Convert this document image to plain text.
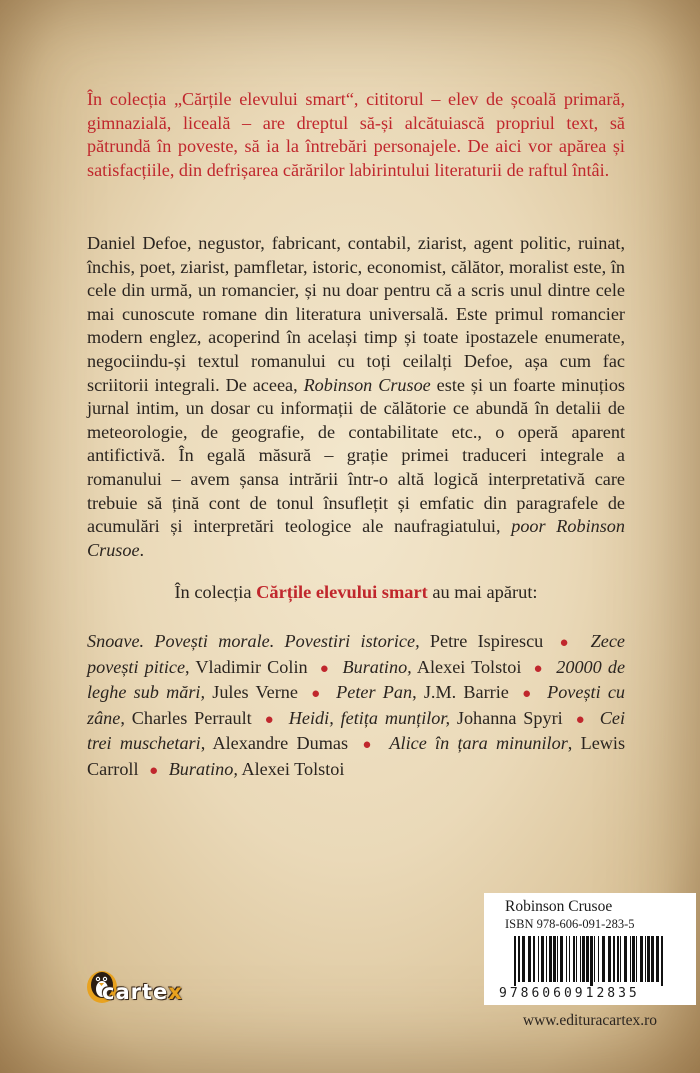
În colecția „Cărțile elevului smart“, cititorul – elev de școală primară, gimnazială, liceală – are dreptul să-și alcătuiască propriul text, să pătrundă în poveste, să ia la întrebări personajele. De aici vor apărea și satisfacțiile, din defrișarea cărărilor labirintului literaturii de raftul întâi.

Daniel Defoe, negustor, fabricant, contabil, ziarist, agent politic, ruinat, închis, poet, ziarist, pamfletar, istoric, economist, călător, moralist este, în cele din urmă, un romancier, și nu doar pentru că a scris unul dintre cele mai cunoscute romane din literatura universală. Este primul romancier modern englez, acoperind în același timp și toate ipostazele enumerate, negociindu-și textul romanului cu toți ceilalți Defoe, așa cum fac scriitorii integrali. De aceea, Robinson Crusoe este și un foarte minuțios jurnal intim, un dosar cu informații de călătorie ce abundă în detalii de meteorologie, de geografie, de contabilitate etc., o operă aparent antifictivă. În egală măsură – grație primei traduceri integrale a romanului – avem șansa intrării într-o altă logică interpretativă care trebuie să țină cont de tonul însuflețit și emfatic din paragrafele de acumulări și interpretări teologice ale naufragiatului, poor Robinson Crusoe.

În colecția Cărțile elevului smart au mai apărut:

Snoave. Povești morale. Povestiri istorice, Petre Ispirescu ● Zece povești pitice, Vladimir Colin ● Buratino, Alexei Tolstoi ● 20000 de leghe sub mări, Jules Verne ● Peter Pan, J.M. Barrie ● Povești cu zâne, Charles Perrault ● Heidi, fetița munților, Johanna Spyri ● Cei trei muschetari, Alexandre Dumas ● Alice în țara minunilor, Lewis Carroll ● Buratino, Alexei Tolstoi

Robinson Crusoe
ISBN 978-606-091-283-5
9786060912835
cartex
www.edituracartex.ro
